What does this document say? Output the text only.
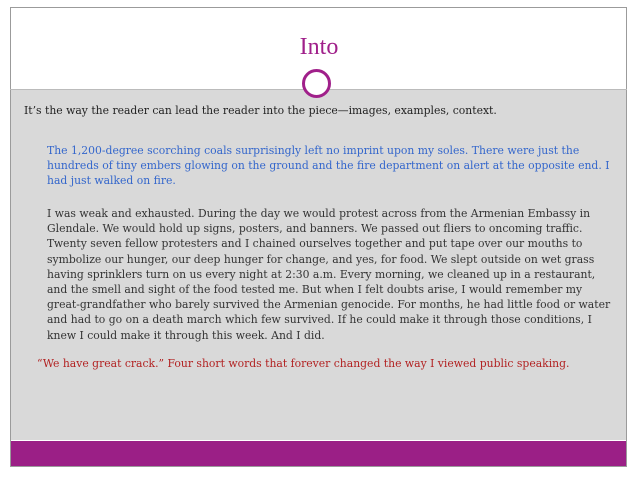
Into
It’s the way the reader can lead the reader into the piece—images, examples, context.
The 1,200-degree scorching coals surprisingly left no imprint upon my soles. There were just the hundreds of tiny embers glowing on the ground and the fire department on alert at the opposite end. I had just walked on fire.
I was weak and exhausted. During the day we would protest across from the Armenian Embassy in Glendale. We would hold up signs, posters, and banners. We passed out fliers to oncoming traffic. Twenty seven fellow protesters and I chained ourselves together and put tape over our mouths to symbolize our hunger, our deep hunger for change, and yes, for food. We slept outside on wet grass having sprinklers turn on us every night at 2:30 a.m. Every morning, we cleaned up in a restaurant, and the smell and sight of the food tested me. But when I felt doubts arise, I would remember my great-grandfather who barely survived the Armenian genocide. For months, he had little food or water and had to go on a death march which few survived. If he could make it through those conditions, I knew I could make it through this week. And I did.
“We have great crack.” Four short words that forever changed the way I viewed public speaking.
